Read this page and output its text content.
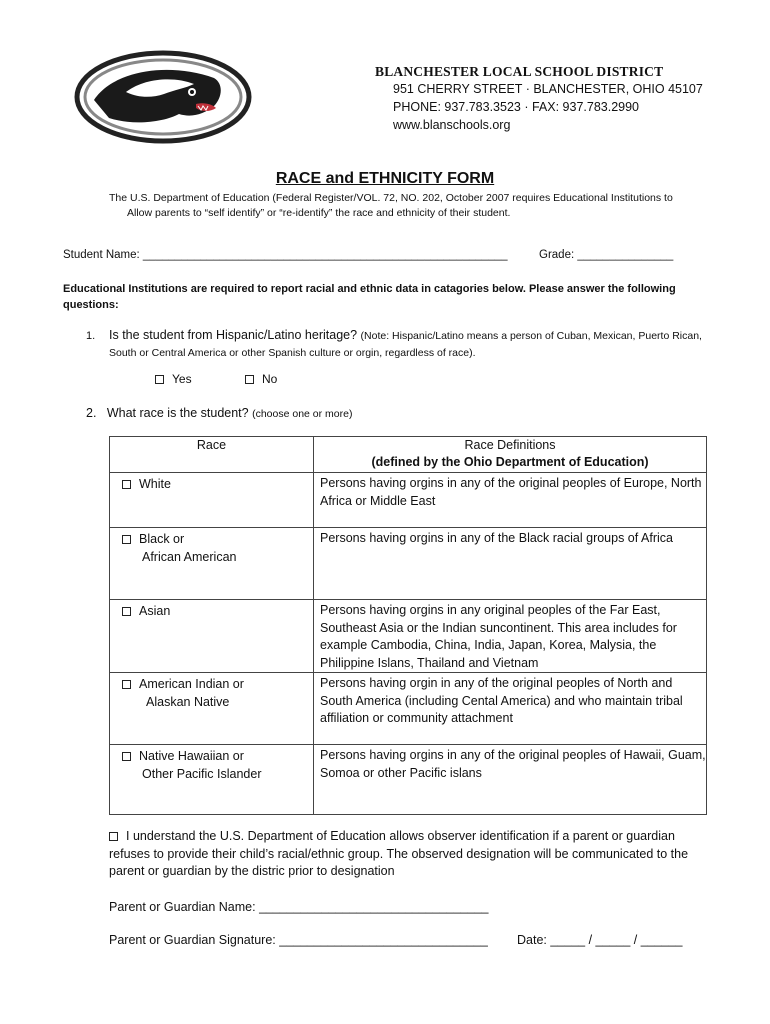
BLANCHESTER LOCAL SCHOOL DISTRICT
951 CHERRY STREET · BLANCHESTER, OHIO 45107
PHONE: 937.783.3523 · FAX: 937.783.2990
www.blanschools.org
RACE and ETHNICITY FORM
The U.S. Department of Education (Federal Register/VOL. 72, NO. 202, October 2007 requires Educational Institutions to
Allow parents to “self identify” or “re-identify” the race and ethnicity of their student.
Student Name: _________________________________________________________	Grade: _______________
Educational Institutions are required to report racial and ethnic data in catagories below. Please answer the following questions:
1. Is the student from Hispanic/Latino heritage? (Note: Hispanic/Latino means a person of Cuban, Mexican, Puerto Rican,
South or Central America or other Spanish culture or orgin, regardless of race).
Yes	No
2. What race is the student? (choose one or more)
Race	Race Definitions
(defined by the Ohio Department of Education)

White	Persons having orgins in any of the original peoples of Europe, North Africa or Middle East

Black or
African American	Persons having orgins in any of the Black racial groups of Africa

Asian	Persons having orgins in any original peoples of the Far East, Southeast Asia or the Indian suncontinent. This area includes for example Cambodia, China, India, Japan, Korea, Malysia, the Philippine Islans, Thailand and Vietnam

American Indian or
Alaskan Native	Persons having orgin in any of the original peoples of North and South America (including Cental America) and who maintain tribal affiliation or community attachment

Native Hawaiian or
Other Pacific Islander	Persons having orgins in any of the original peoples of Hawaii, Guam, Somoa or other Pacific islans
I understand the U.S. Department of Education allows observer identification if a parent or guardian refuses to provide their child’s racial/ethnic group. The observed designation will be communicated to the parent or guardian by the distric prior to designation
Parent or Guardian Name: _________________________________
Parent or Guardian Signature: ______________________________ Date: _____ / _____ / ______
